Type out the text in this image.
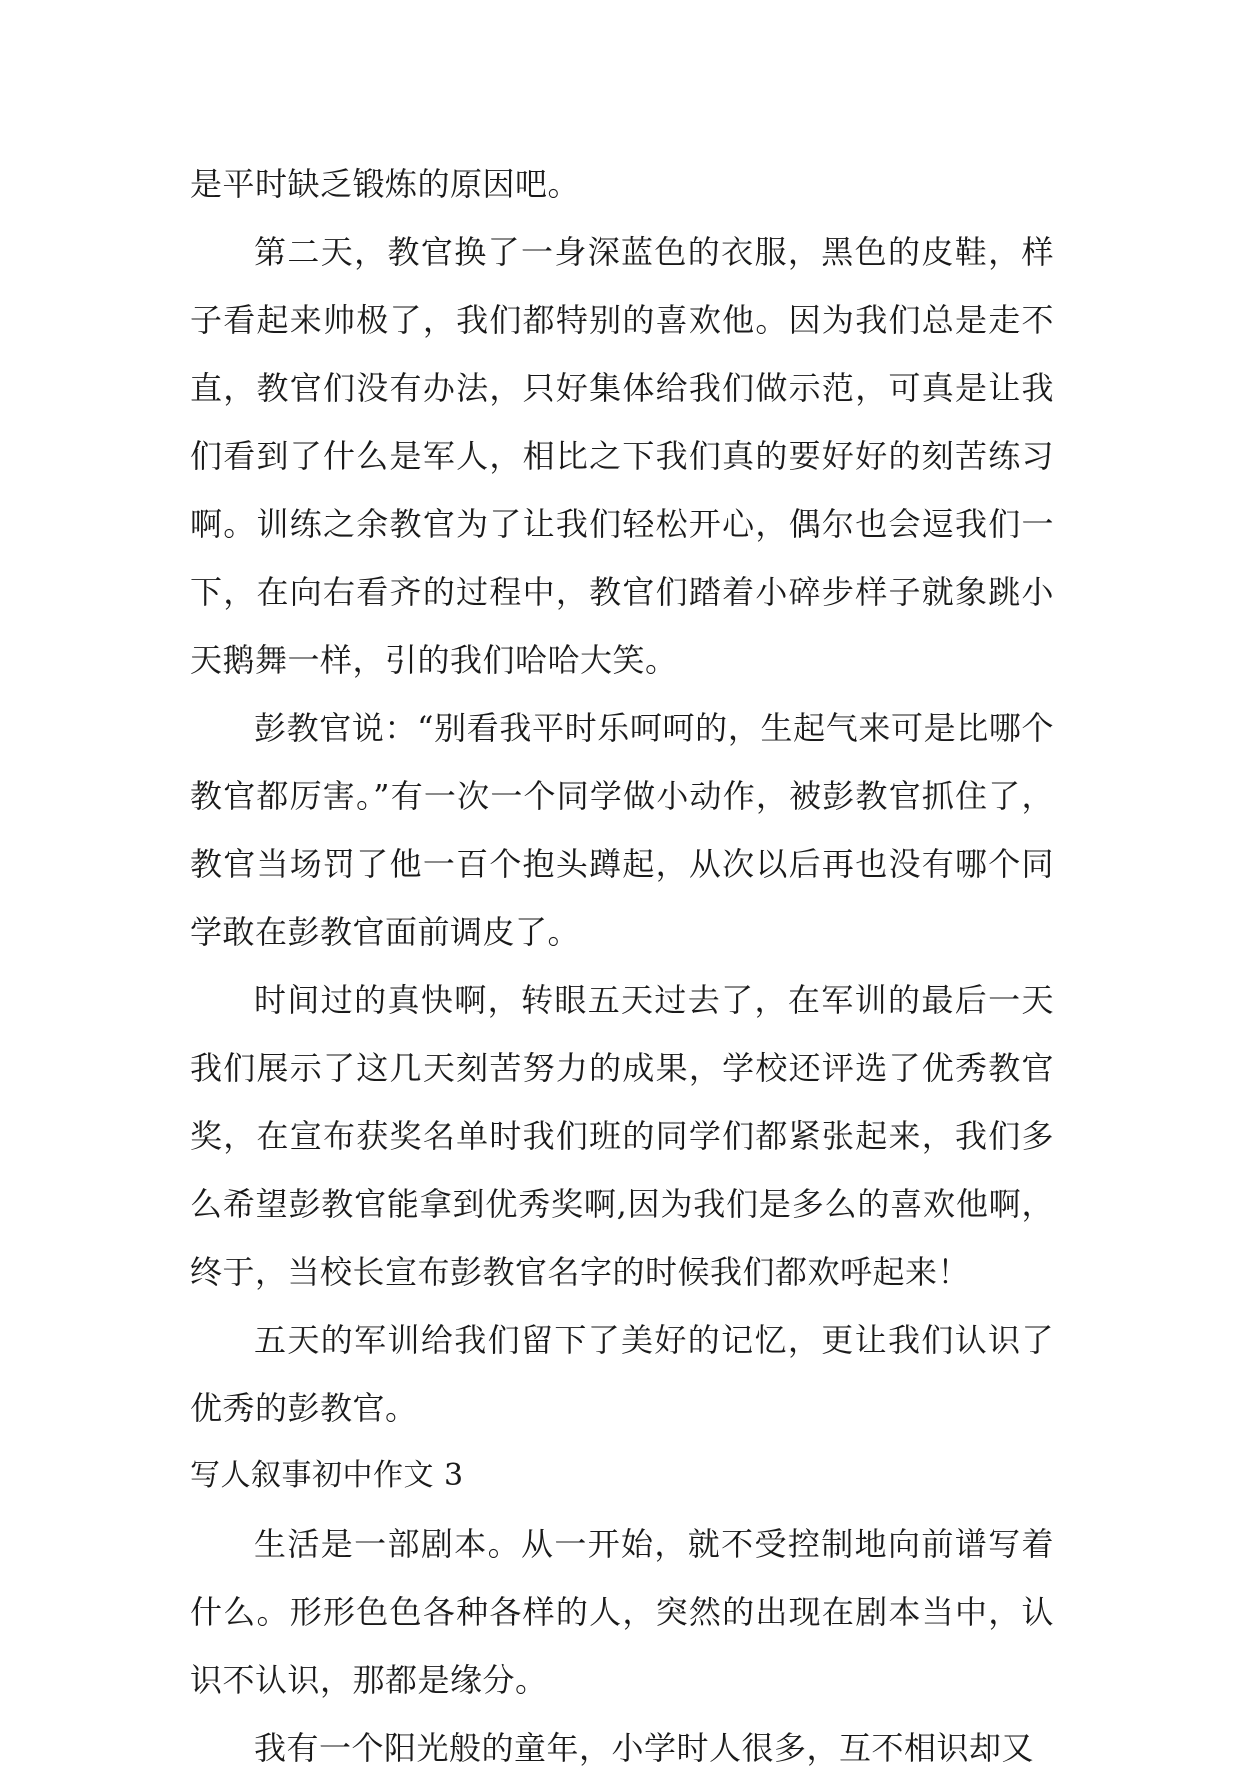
是平时缺乏锻炼的原因吧。

第二天，教官换了一身深蓝色的衣服，黑色的皮鞋，样子看起来帅极了，我们都特别的喜欢他。因为我们总是走不直，教官们没有办法，只好集体给我们做示范，可真是让我们看到了什么是军人，相比之下我们真的要好好的刻苦练习啊。训练之余教官为了让我们轻松开心，偶尔也会逗我们一下，在向右看齐的过程中，教官们踏着小碎步样子就象跳小天鹅舞一样，引的我们哈哈大笑。

彭教官说：“别看我平时乐呵呵的，生起气来可是比哪个教官都厉害。”有一次一个同学做小动作，被彭教官抓住了，教官当场罚了他一百个抱头蹲起，从次以后再也没有哪个同学敢在彭教官面前调皮了。

时间过的真快啊，转眼五天过去了，在军训的最后一天我们展示了这几天刻苦努力的成果，学校还评选了优秀教官奖，在宣布获奖名单时我们班的同学们都紧张起来，我们多么希望彭教官能拿到优秀奖啊,因为我们是多么的喜欢他啊，终于，当校长宣布彭教官名字的时候我们都欢呼起来！

五天的军训给我们留下了美好的记忆，更让我们认识了优秀的彭教官。

写人叙事初中作文 3

生活是一部剧本。从一开始，就不受控制地向前谱写着什么。形形色色各种各样的人，突然的出现在剧本当中，认识不认识，那都是缘分。

我有一个阳光般的童年，小学时人很多，互不相识却又
